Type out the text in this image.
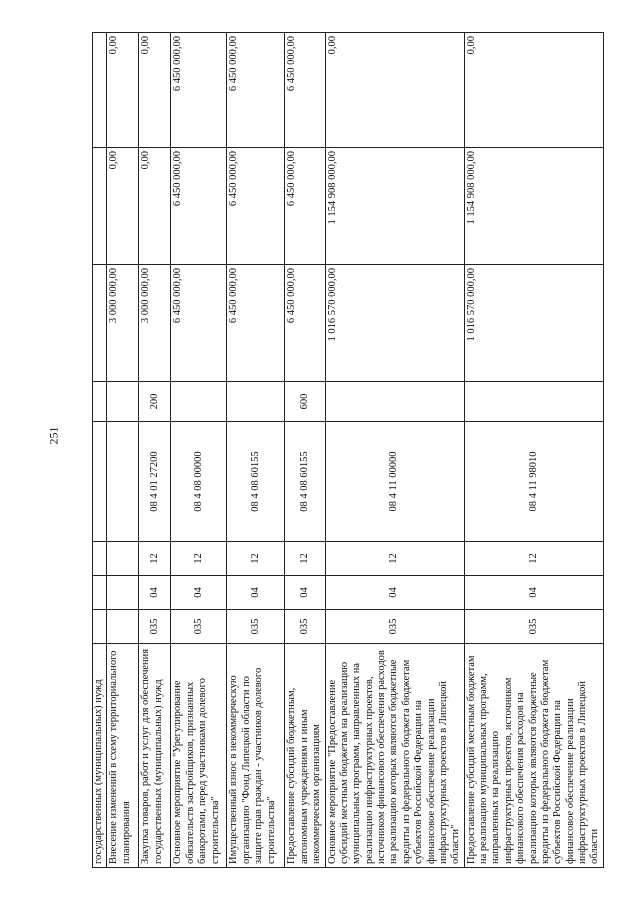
251
государственных (муниципальных) нужд								
Внесение изменений в схему территориального планирования						3 000 000,00	0,00	0,00
Закупка товаров, работ и услуг для обеспечения государственных (муниципальных) нужд	035	04	12	08 4 01 27200	200	3 000 000,00	0,00	0,00
Основное мероприятие "Урегулирование обязательств застройщиков, признанных банкротами, перед участниками долевого строительства"	035	04	12	08 4 08 00000		6 450 000,00	6 450 000,00	6 450 000,00
Имущественный взнос в некоммерческую организацию "Фонд Липецкой области по защите прав граждан - участников долевого строительства"	035	04	12	08 4 08 60155		6 450 000,00	6 450 000,00	6 450 000,00
Предоставление субсидий бюджетным, автономным учреждениям и иным некоммерческим организациям	035	04	12	08 4 08 60155	600	6 450 000,00	6 450 000,00	6 450 000,00
Основное мероприятие "Предоставление субсидий местным бюджетам на реализацию муниципальных программ, направленных на реализацию инфраструктурных проектов, источником финансового обеспечения расходов на реализацию которых являются бюджетные кредиты из федерального бюджета бюджетам субъектов Российской Федерации на финансовое обеспечение реализации инфраструктурных проектов в Липецкой области"	035	04	12	08 4 11 00000		1 016 570 000,00	1 154 908 000,00	0,00
Предоставление субсидий местным бюджетам на реализацию муниципальных программ, направленных на реализацию инфраструктурных проектов, источником финансового обеспечения расходов на реализацию которых являются бюджетные кредиты из федерального бюджета бюджетам субъектов Российской Федерации на финансовое обеспечение реализации инфраструктурных проектов в Липецкой области	035	04	12	08 4 11 98010		1 016 570 000,00	1 154 908 000,00	0,00
